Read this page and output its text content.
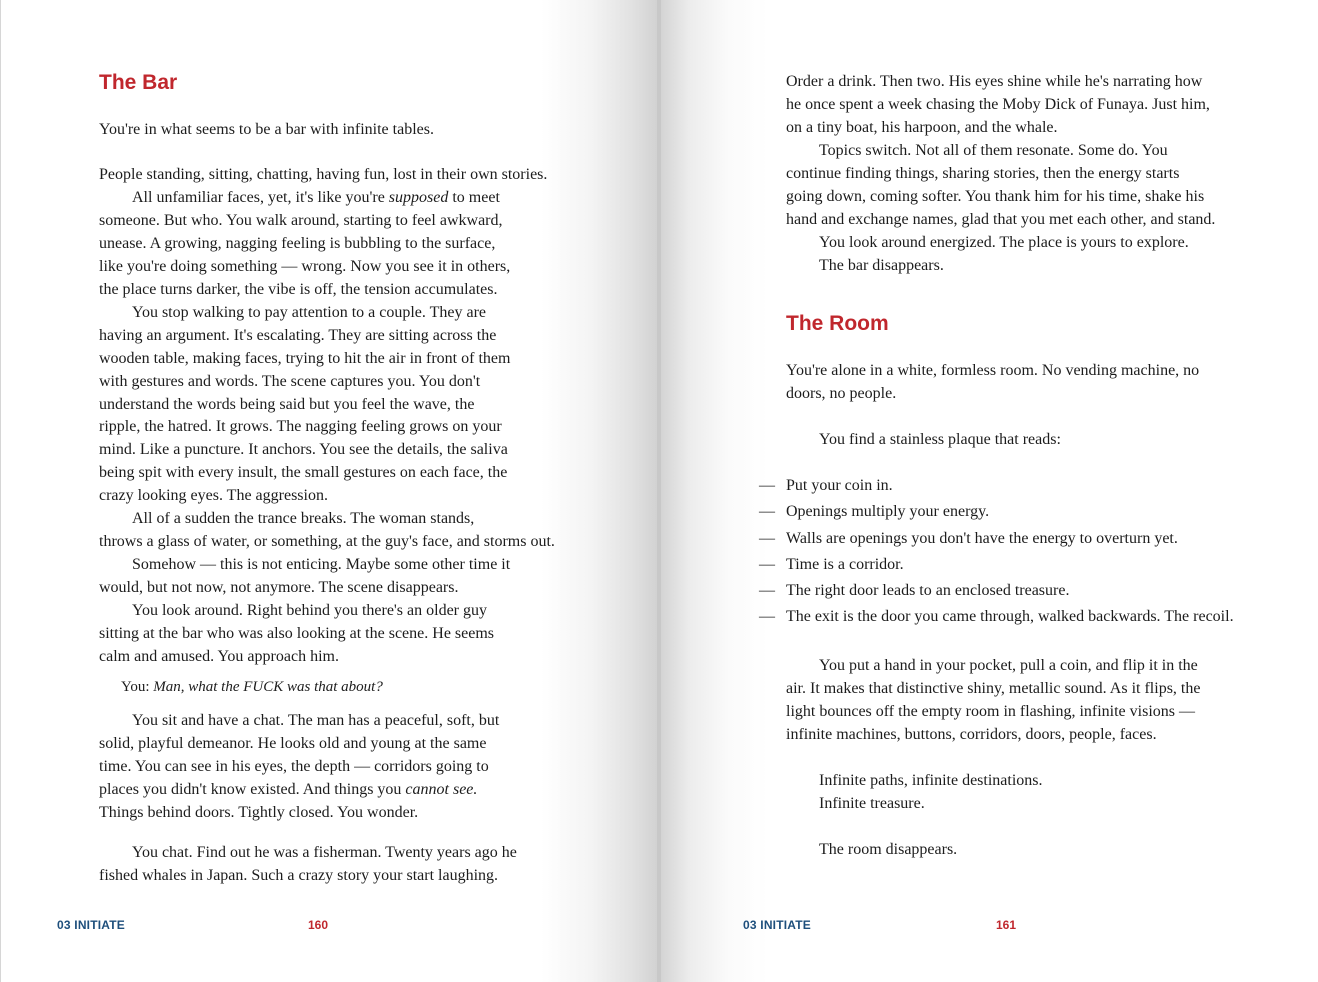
The Bar
You're in what seems to be a bar with infinite tables.
People standing, sitting, chatting, having fun, lost in their own stories.
All unfamiliar faces, yet, it's like you're supposed to meet
someone. But who. You walk around, starting to feel awkward,
unease. A growing, nagging feeling is bubbling to the surface,
like you're doing something — wrong. Now you see it in others,
the place turns darker, the vibe is off, the tension accumulates.
You stop walking to pay attention to a couple. They are
having an argument. It's escalating. They are sitting across the
wooden table, making faces, trying to hit the air in front of them
with gestures and words. The scene captures you. You don't
understand the words being said but you feel the wave, the
ripple, the hatred. It grows. The nagging feeling grows on your
mind. Like a puncture. It anchors. You see the details, the saliva
being spit with every insult, the small gestures on each face, the
crazy looking eyes. The aggression.
All of a sudden the trance breaks. The woman stands,
throws a glass of water, or something, at the guy's face, and storms out.
Somehow — this is not enticing. Maybe some other time it
would, but not now, not anymore. The scene disappears.
You look around. Right behind you there's an older guy
sitting at the bar who was also looking at the scene. He seems
calm and amused. You approach him.
You: Man, what the FUCK was that about?
You sit and have a chat. The man has a peaceful, soft, but
solid, playful demeanor. He looks old and young at the same
time. You can see in his eyes, the depth — corridors going to
places you didn't know existed. And things you cannot see.
Things behind doors. Tightly closed. You wonder.
You chat. Find out he was a fisherman. Twenty years ago he
fished whales in Japan. Such a crazy story your start laughing.
03 INITIATE	160
Order a drink. Then two. His eyes shine while he's narrating how
he once spent a week chasing the Moby Dick of Funaya. Just him,
on a tiny boat, his harpoon, and the whale.
Topics switch. Not all of them resonate. Some do. You
continue finding things, sharing stories, then the energy starts
going down, coming softer. You thank him for his time, shake his
hand and exchange names, glad that you met each other, and stand.
You look around energized. The place is yours to explore.
The bar disappears.
The Room
You're alone in a white, formless room. No vending machine, no
doors, no people.
You find a stainless plaque that reads:
— Put your coin in.
— Openings multiply your energy.
— Walls are openings you don't have the energy to overturn yet.
— Time is a corridor.
— The right door leads to an enclosed treasure.
— The exit is the door you came through, walked backwards. The recoil.
You put a hand in your pocket, pull a coin, and flip it in the
air. It makes that distinctive shiny, metallic sound. As it flips, the
light bounces off the empty room in flashing, infinite visions —
infinite machines, buttons, corridors, doors, people, faces.
Infinite paths, infinite destinations.
Infinite treasure.
The room disappears.
03 INITIATE	161
